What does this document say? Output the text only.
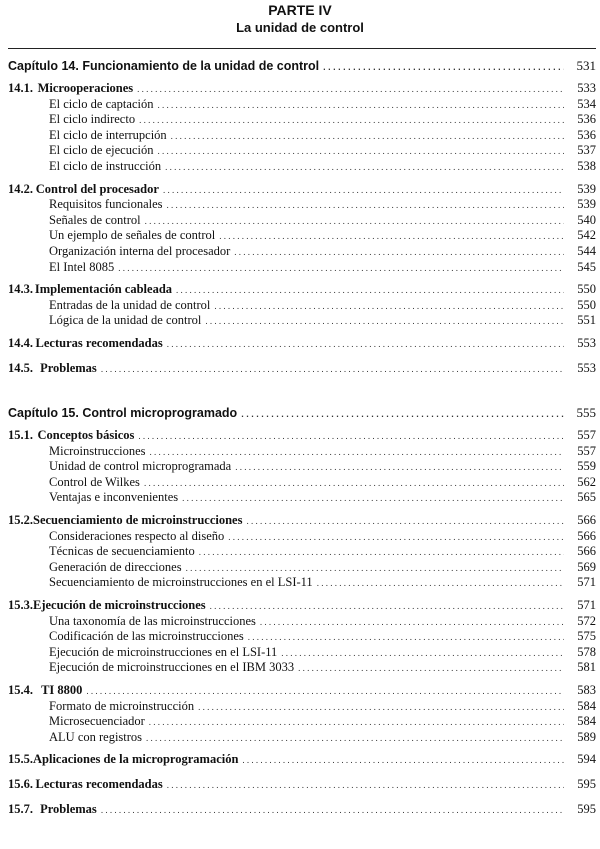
PARTE IV
La unidad de control
Capítulo 14. Funcionamiento de la unidad de control . . .	531
14.1. Microoperaciones . . .	533
El ciclo de captación . . .	534
El ciclo indirecto . . .	536
El ciclo de interrupción . . .	536
El ciclo de ejecución . . .	537
El ciclo de instrucción . . .	538
14.2. Control del procesador . . .	539
Requisitos funcionales . . .	539
Señales de control . . .	540
Un ejemplo de señales de control . . .	542
Organización interna del procesador . . .	544
El Intel 8085 . . .	545
14.3. Implementación cableada . . .	550
Entradas de la unidad de control . . .	550
Lógica de la unidad de control . . .	551
14.4. Lecturas recomendadas . . .	553
14.5. Problemas . . .	553
Capítulo 15. Control microprogramado . . .	555
15.1. Conceptos básicos . . .	557
Microinstrucciones . . .	557
Unidad de control microprogramada . . .	559
Control de Wilkes . . .	562
Ventajas e inconvenientes . . .	565
15.2. Secuenciamiento de microinstrucciones . . .	566
Consideraciones respecto al diseño . . .	566
Técnicas de secuenciamiento . . .	566
Generación de direcciones . . .	569
Secuenciamiento de microinstrucciones en el LSI-11 . . .	571
15.3. Ejecución de microinstrucciones . . .	571
Una taxonomía de las microinstrucciones . . .	572
Codificación de las microinstrucciones . . .	575
Ejecución de microinstrucciones en el LSI-11 . . .	578
Ejecución de microinstrucciones en el IBM 3033 . . .	581
15.4. TI 8800 . . .	583
Formato de microinstrucción . . .	584
Microsecuenciador . . .	584
ALU con registros . . .	589
15.5. Aplicaciones de la microprogramación . . .	594
15.6. Lecturas recomendadas . . .	595
15.7. Problemas . . .	595
